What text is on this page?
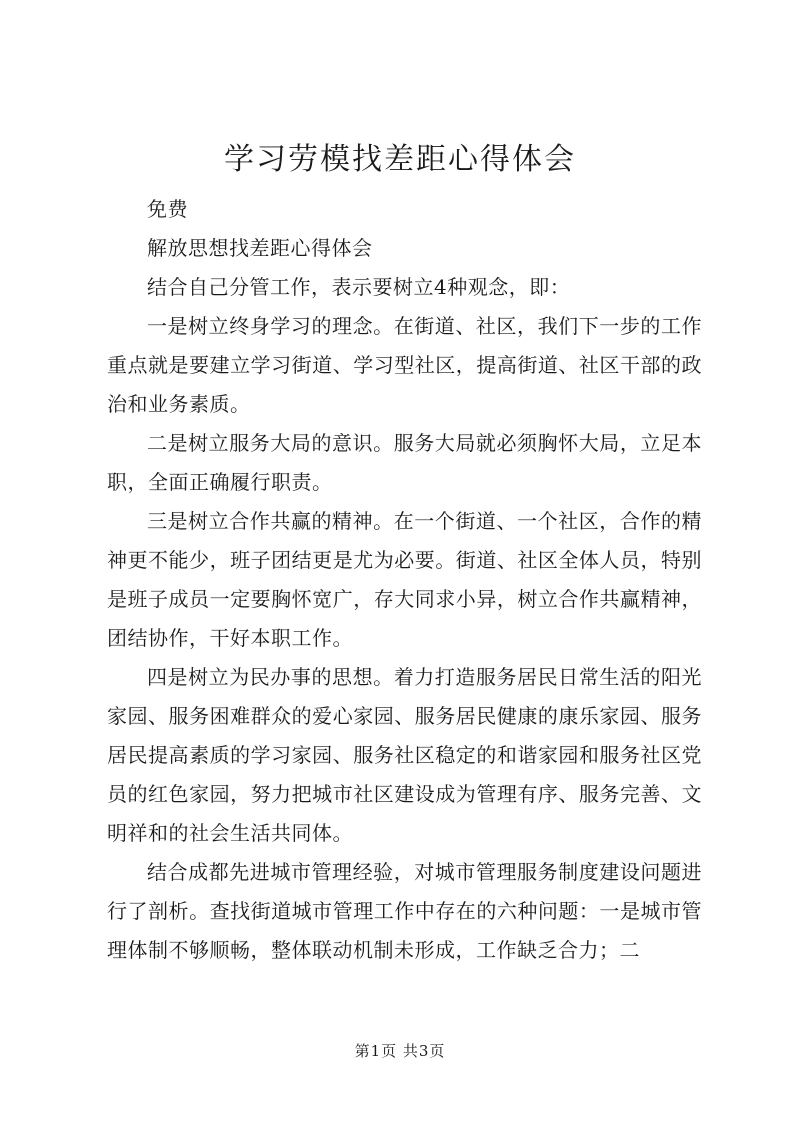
学习劳模找差距心得体会

免费

解放思想找差距心得体会

结合自己分管工作，表示要树立4种观念，即：

一是树立终身学习的理念。在街道、社区，我们下一步的工作重点就是要建立学习街道、学习型社区，提高街道、社区干部的政治和业务素质。

二是树立服务大局的意识。服务大局就必须胸怀大局，立足本职，全面正确履行职责。

三是树立合作共赢的精神。在一个街道、一个社区，合作的精神更不能少，班子团结更是尤为必要。街道、社区全体人员，特别是班子成员一定要胸怀宽广，存大同求小异，树立合作共赢精神，团结协作，干好本职工作。

四是树立为民办事的思想。着力打造服务居民日常生活的阳光家园、服务困难群众的爱心家园、服务居民健康的康乐家园、服务居民提高素质的学习家园、服务社区稳定的和谐家园和服务社区党员的红色家园，努力把城市社区建设成为管理有序、服务完善、文明祥和的社会生活共同体。

结合成都先进城市管理经验，对城市管理服务制度建设问题进行了剖析。查找街道城市管理工作中存在的六种问题：一是城市管理体制不够顺畅，整体联动机制未形成，工作缺乏合力；二

第1页 共3页
